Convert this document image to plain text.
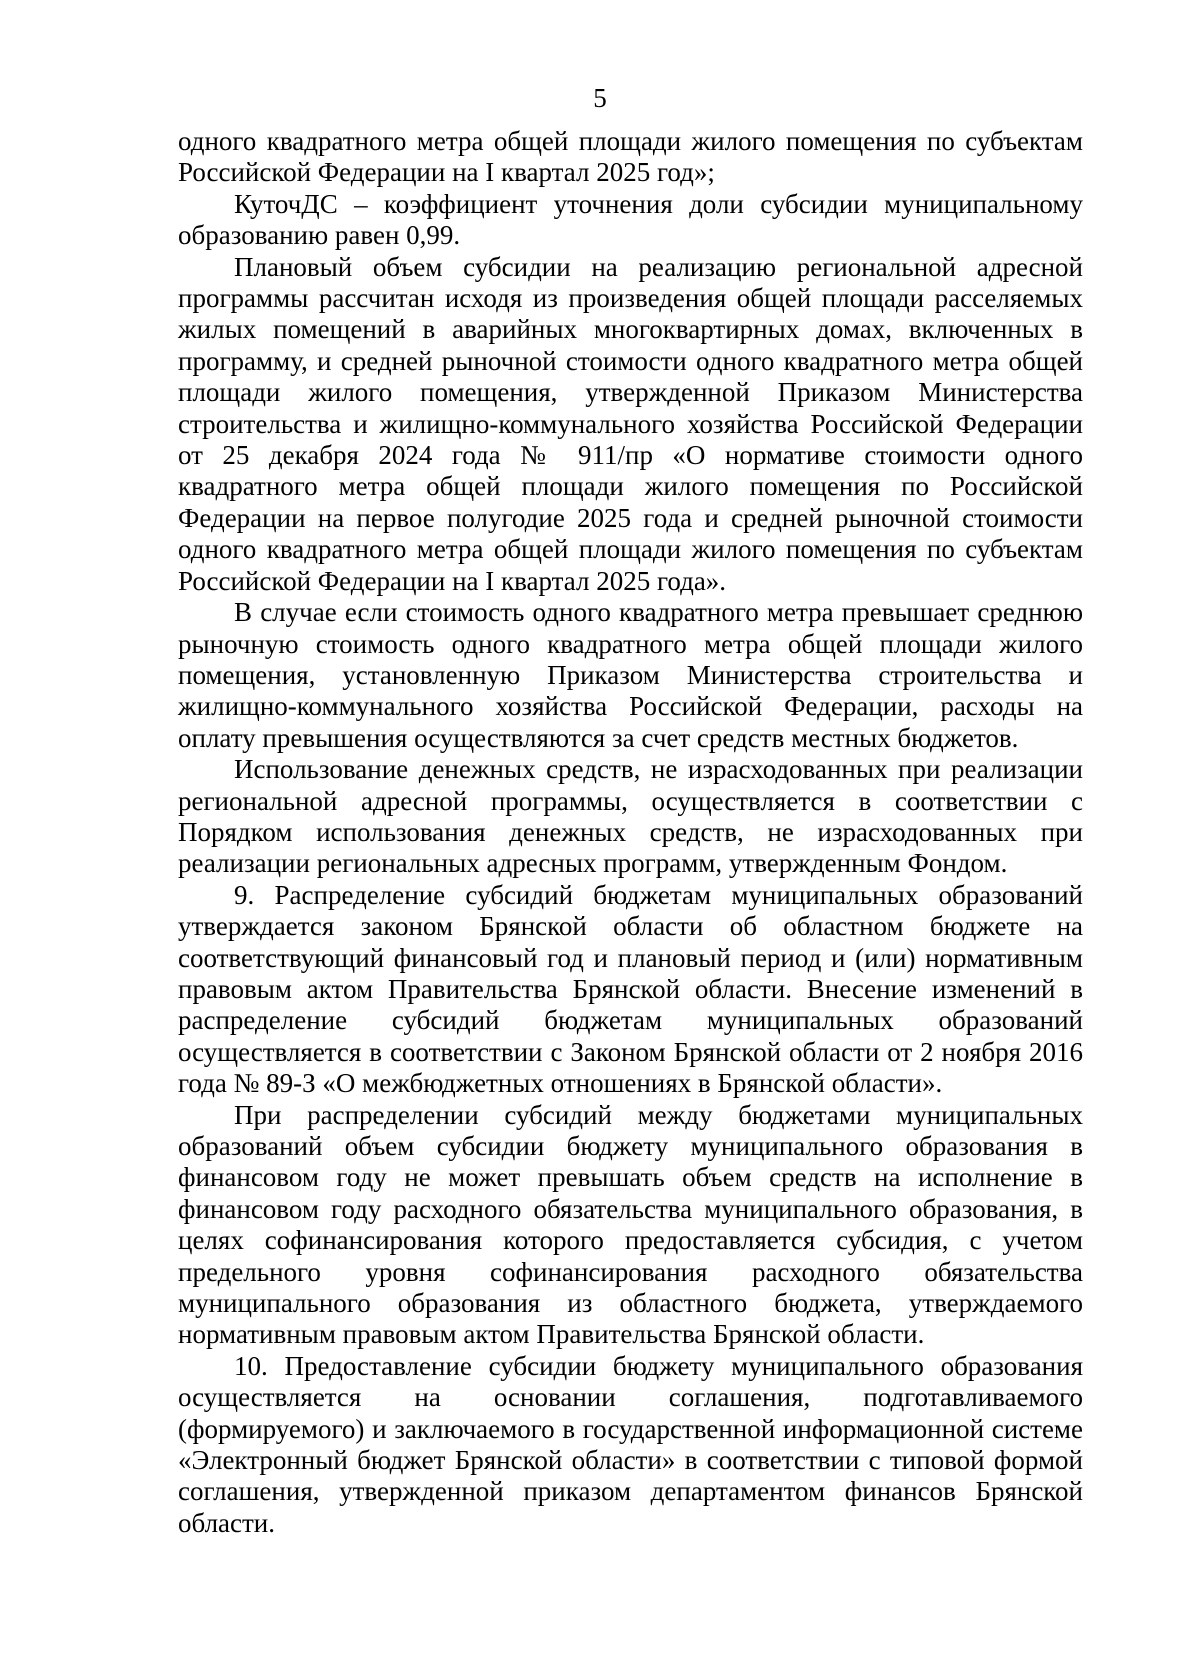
5

одного квадратного метра общей площади жилого помещения по субъектам Российской Федерации на I квартал 2025 год»;

КуточДС – коэффициент уточнения доли субсидии муниципальному образованию равен 0,99.

Плановый объем субсидии на реализацию региональной адресной программы рассчитан исходя из произведения общей площади расселяемых жилых помещений в аварийных многоквартирных домах, включенных в программу, и средней рыночной стоимости одного квадратного метра общей площади жилого помещения, утвержденной Приказом Министерства строительства и жилищно-коммунального хозяйства Российской Федерации от 25 декабря 2024 года № 911/пр «О нормативе стоимости одного квадратного метра общей площади жилого помещения по Российской Федерации на первое полугодие 2025 года и средней рыночной стоимости одного квадратного метра общей площади жилого помещения по субъектам Российской Федерации на I квартал 2025 года».

В случае если стоимость одного квадратного метра превышает среднюю рыночную стоимость одного квадратного метра общей площади жилого помещения, установленную Приказом Министерства строительства и жилищно-коммунального хозяйства Российской Федерации, расходы на оплату превышения осуществляются за счет средств местных бюджетов.

Использование денежных средств, не израсходованных при реализации региональной адресной программы, осуществляется в соответствии с Порядком использования денежных средств, не израсходованных при реализации региональных адресных программ, утвержденным Фондом.

9. Распределение субсидий бюджетам муниципальных образований утверждается законом Брянской области об областном бюджете на соответствующий финансовый год и плановый период и (или) нормативным правовым актом Правительства Брянской области. Внесение изменений в распределение субсидий бюджетам муниципальных образований осуществляется в соответствии с Законом Брянской области от 2 ноября 2016 года № 89-З «О межбюджетных отношениях в Брянской области».

При распределении субсидий между бюджетами муниципальных образований объем субсидии бюджету муниципального образования в финансовом году не может превышать объем средств на исполнение в финансовом году расходного обязательства муниципального образования, в целях софинансирования которого предоставляется субсидия, с учетом предельного уровня софинансирования расходного обязательства муниципального образования из областного бюджета, утверждаемого нормативным правовым актом Правительства Брянской области.

10. Предоставление субсидии бюджету муниципального образования осуществляется на основании соглашения, подготавливаемого (формируемого) и заключаемого в государственной информационной системе «Электронный бюджет Брянской области» в соответствии с типовой формой соглашения, утвержденной приказом департаментом финансов Брянской области.
